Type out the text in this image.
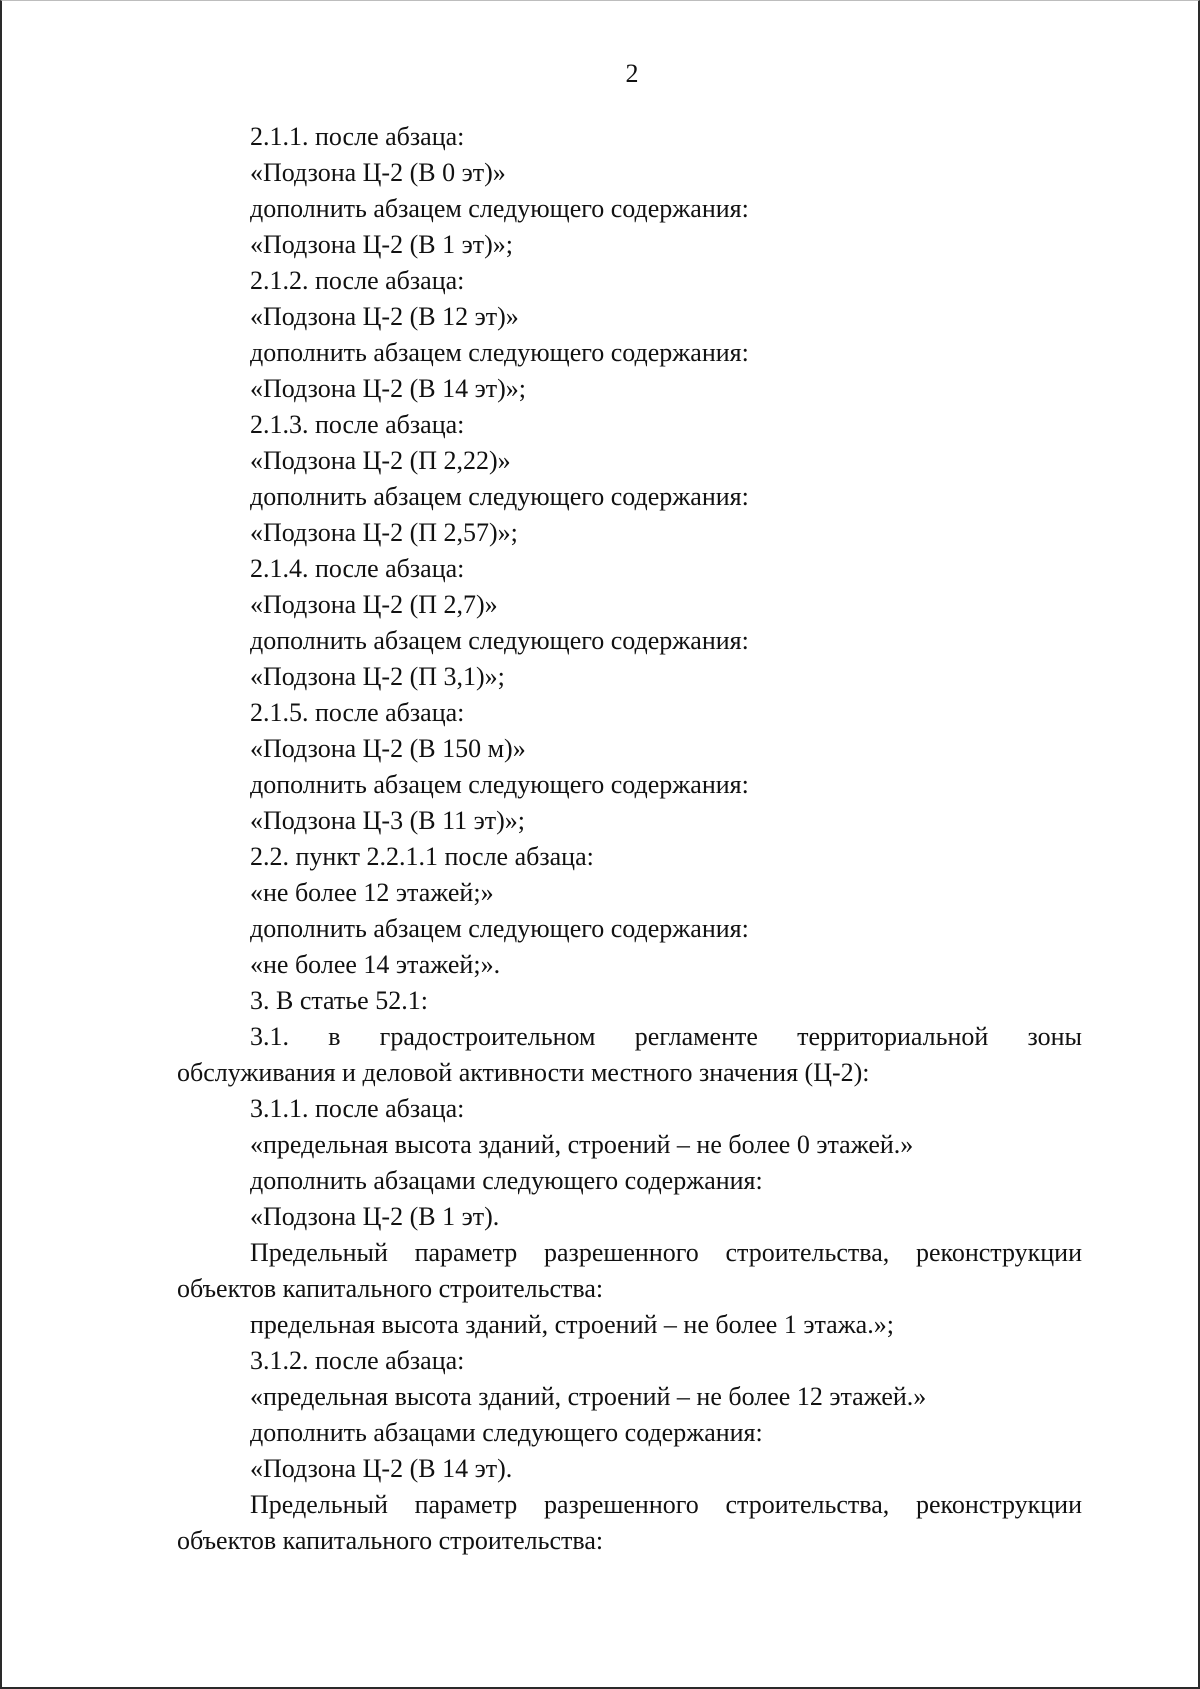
2

2.1.1. после абзаца:

«Подзона Ц-2 (В 0 эт)»

дополнить абзацем следующего содержания:

«Подзона Ц-2 (В 1 эт)»;

2.1.2. после абзаца:

«Подзона Ц-2 (В 12 эт)»

дополнить абзацем следующего содержания:

«Подзона Ц-2 (В 14 эт)»;

2.1.3. после абзаца:

«Подзона Ц-2 (П 2,22)»

дополнить абзацем следующего содержания:

«Подзона Ц-2 (П 2,57)»;

2.1.4. после абзаца:

«Подзона Ц-2 (П 2,7)»

дополнить абзацем следующего содержания:

«Подзона Ц-2 (П 3,1)»;

2.1.5. после абзаца:

«Подзона Ц-2 (В 150 м)»

дополнить абзацем следующего содержания:

«Подзона Ц-3 (В 11 эт)»;

2.2. пункт 2.2.1.1 после абзаца:

«не более 12 этажей;»

дополнить абзацем следующего содержания:

«не более 14 этажей;».

3. В статье 52.1:

3.1. в градостроительном регламенте территориальной зоны обслуживания и деловой активности местного значения (Ц-2):

3.1.1. после абзаца:

«предельная высота зданий, строений – не более 0 этажей.»

дополнить абзацами следующего содержания:

«Подзона Ц-2 (В 1 эт).

Предельный параметр разрешенного строительства, реконструкции объектов капитального строительства:

предельная высота зданий, строений – не более 1 этажа.»;

3.1.2. после абзаца:

«предельная высота зданий, строений – не более 12 этажей.»

дополнить абзацами следующего содержания:

«Подзона Ц-2 (В 14 эт).

Предельный параметр разрешенного строительства, реконструкции объектов капитального строительства:
